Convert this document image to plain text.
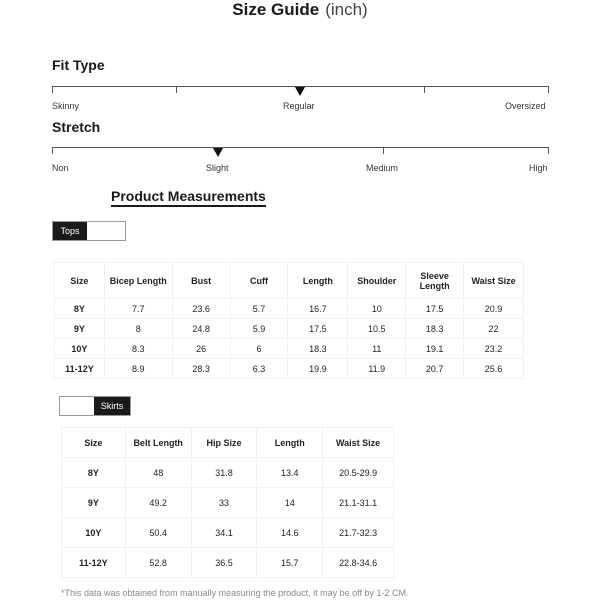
Size Guide (inch)
Fit Type
Skinny	Regular	Oversized
Stretch
Non	Slight	Medium	High
Product Measurements
Tops
Size	Bicep Length	Bust	Cuff	Length	Shoulder	Sleeve Length	Waist Size
8Y	7.7	23.6	5.7	16.7	10	17.5	20.9
9Y	8	24.8	5.9	17.5	10.5	18.3	22
10Y	8.3	26	6	18.3	11	19.1	23.2
11-12Y	8.9	28.3	6.3	19.9	11.9	20.7	25.6
Skirts
Size	Belt Length	Hip Size	Length	Waist Size
8Y	48	31.8	13.4	20.5-29.9
9Y	49.2	33	14	21.1-31.1
10Y	50.4	34.1	14.6	21.7-32.3
11-12Y	52.8	36.5	15.7	22.8-34.6
*This data was obtained from manually measuring the product, it may be off by 1-2 CM.
